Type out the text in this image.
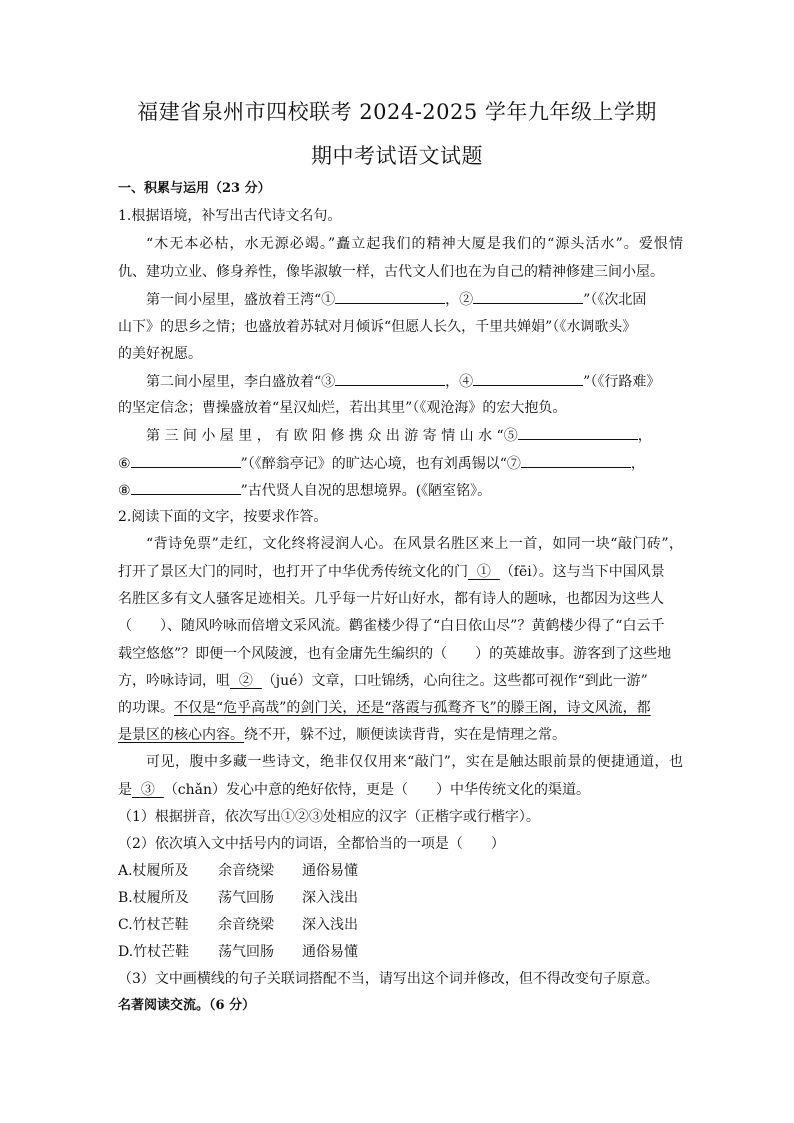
福建省泉州市四校联考 2024-2025 学年九年级上学期
期中考试语文试题
一、积累与运用（23 分）
1.根据语境，补写出古代诗文名句。
“木无本必枯，水无源必竭。”矗立起我们的精神大厦是我们的“源头活水”。爱恨情
仇、建功立业、修身养性，像毕淑敏一样，古代文人们也在为自己的精神修建三间小屋。
第一间小屋里，盛放着王湾“①	，②	”（《次北固
山下》的思乡之情；也盛放着苏轼对月倾诉“但愿人长久，千里共婵娟”（《水调歌头》
的美好祝愿。
第二间小屋里，李白盛放着“③	，④	”（《行路难》
的坚定信念；曹操盛放着“星汉灿烂，若出其里”（《观沧海》的宏大抱负。
第 三 间 小 屋 里 ， 有 欧 阳 修 携 众 出 游 寄 情 山 水 “⑤	，
⑥	”（《醉翁亭记》的旷达心境，也有刘禹锡以“⑦	，
⑧	”古代贤人自况的思想境界。(《陋室铭》。
2.阅读下面的文字，按要求作答。
“背诗免票”走红，文化终将浸润人心。在风景名胜区来上一首，如同一块“敲门砖”，
打开了景区大门的同时，也打开了中华优秀传统文化的门 ① （fēi）。这与当下中国风景
名胜区多有文人骚客足迹相关。几乎每一片好山好水，都有诗人的题咏，也都因为这些人
（　　）、随风吟咏而倍增文采风流。鹳雀楼少得了“白日依山尽”？黄鹤楼少得了“白云千
载空悠悠”？即便一个风陵渡，也有金庸先生编织的（　　）的英雄故事。游客到了这些地
方，吟咏诗词，咀 ② （jué）文章，口吐锦绣，心向往之。这些都可视作“到此一游”
的功课。不仅是“危乎高哉”的剑门关，还是“落霞与孤鹜齐飞”的滕王阁，诗文风流，都
是景区的核心内容。绕不开，躲不过，顺便读读背背，实在是情理之常。
可见，腹中多藏一些诗文，绝非仅仅用来“敲门”，实在是触达眼前景的便捷通道，也
是 ③ （chǎn）发心中意的绝好依恃，更是（　　）中华传统文化的渠道。
（1）根据拼音，依次写出①②③处相应的汉字（正楷字或行楷字）。
（2）依次填入文中括号内的词语，全都恰当的一项是（　　）
A.杖履所及 余音绕梁 通俗易懂
B.杖履所及 荡气回肠 深入浅出
C.竹杖芒鞋 余音绕梁 深入浅出
D.竹杖芒鞋 荡气回肠 通俗易懂
（3）文中画横线的句子关联词搭配不当，请写出这个词并修改，但不得改变句子原意。
名著阅读交流。（6 分）
